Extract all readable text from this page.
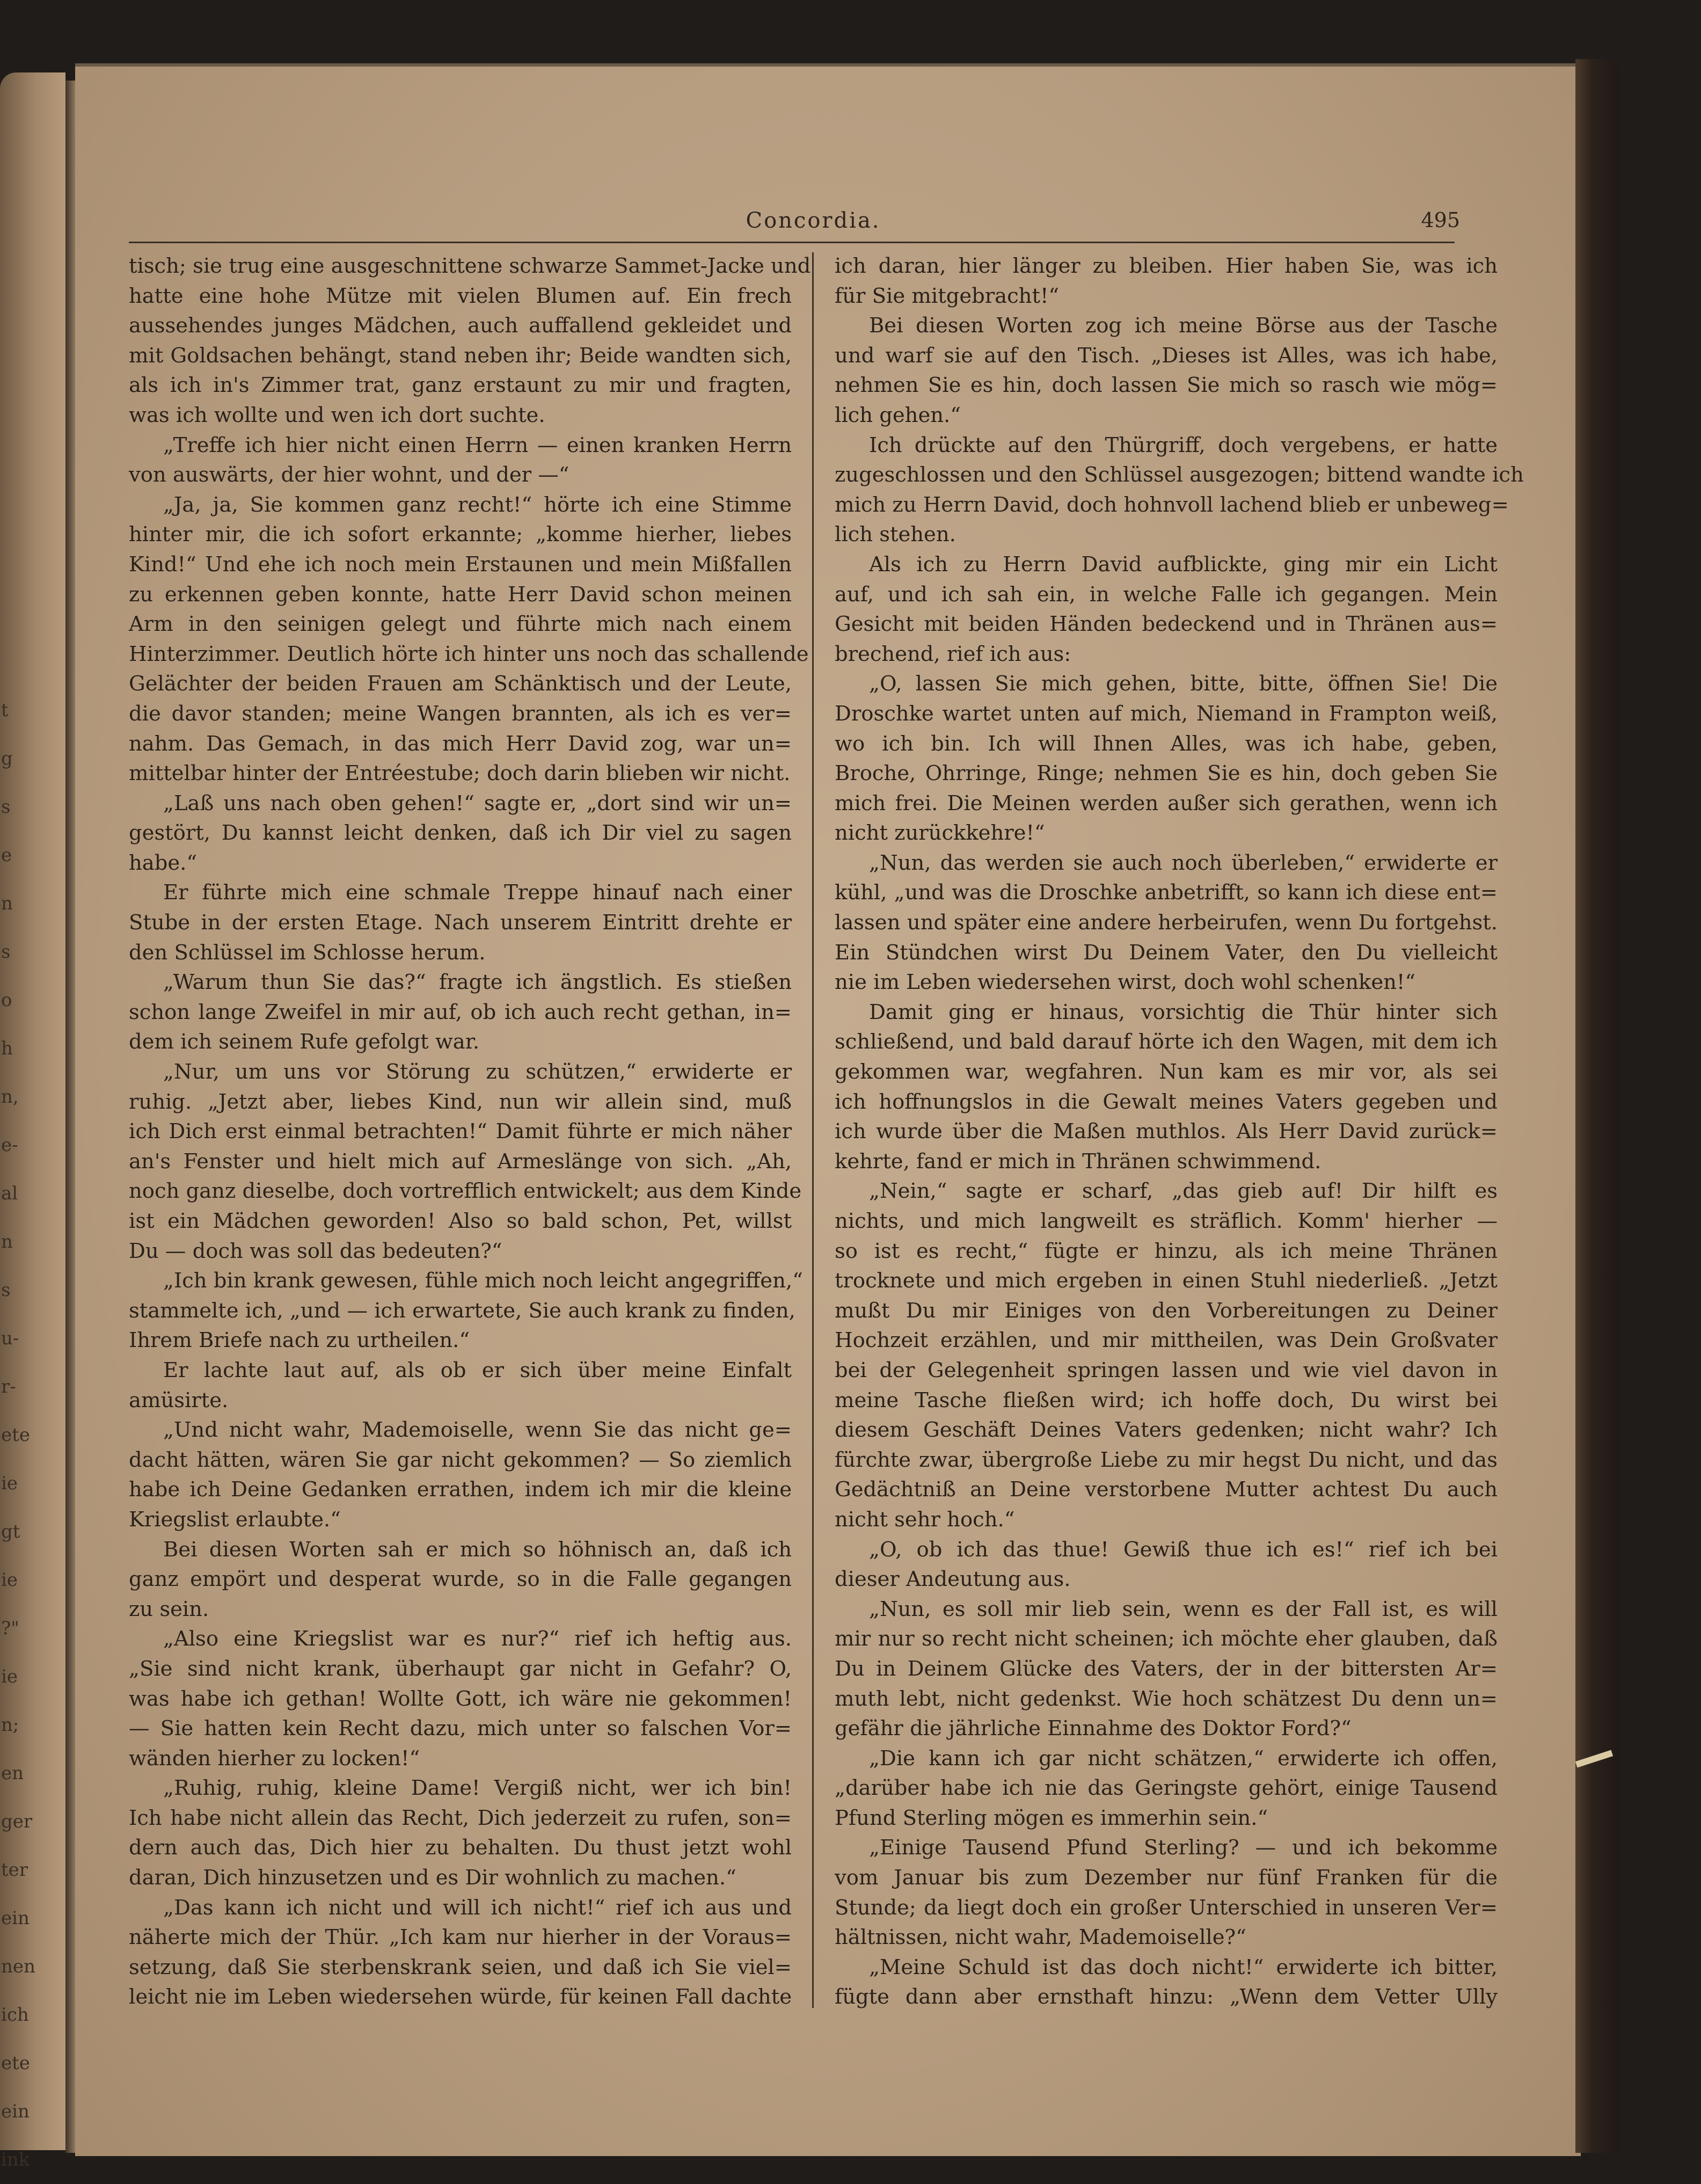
t
g
s
e
n
s
o
h
n,
e-
al
n
s
u-
r-
ete
ie
gt
ie
?"
ie
n;
en
ger
ter
ein
nen
ich
ete
ein
ink
Concordia.	495
tisch; sie trug eine ausgeschnittene schwarze Sammet-Jacke und
hatte eine hohe Mütze mit vielen Blumen auf. Ein frech
aussehendes junges Mädchen, auch auffallend gekleidet und
mit Goldsachen behängt, stand neben ihr; Beide wandten sich,
als ich in's Zimmer trat, ganz erstaunt zu mir und fragten,
was ich wollte und wen ich dort suchte.
„Treffe ich hier nicht einen Herrn — einen kranken Herrn
von auswärts, der hier wohnt, und der —“
„Ja, ja, Sie kommen ganz recht!“ hörte ich eine Stimme
hinter mir, die ich sofort erkannte; „komme hierher, liebes
Kind!“ Und ehe ich noch mein Erstaunen und mein Mißfallen
zu erkennen geben konnte, hatte Herr David schon meinen
Arm in den seinigen gelegt und führte mich nach einem
Hinterzimmer. Deutlich hörte ich hinter uns noch das schallende
Gelächter der beiden Frauen am Schänktisch und der Leute,
die davor standen; meine Wangen brannten, als ich es ver=
nahm. Das Gemach, in das mich Herr David zog, war un=
mittelbar hinter der Entréestube; doch darin blieben wir nicht.
„Laß uns nach oben gehen!“ sagte er, „dort sind wir un=
gestört, Du kannst leicht denken, daß ich Dir viel zu sagen
habe.“
Er führte mich eine schmale Treppe hinauf nach einer
Stube in der ersten Etage. Nach unserem Eintritt drehte er
den Schlüssel im Schlosse herum.
„Warum thun Sie das?“ fragte ich ängstlich. Es stießen
schon lange Zweifel in mir auf, ob ich auch recht gethan, in=
dem ich seinem Rufe gefolgt war.
„Nur, um uns vor Störung zu schützen,“ erwiderte er
ruhig. „Jetzt aber, liebes Kind, nun wir allein sind, muß
ich Dich erst einmal betrachten!“ Damit führte er mich näher
an's Fenster und hielt mich auf Armeslänge von sich. „Ah,
noch ganz dieselbe, doch vortrefflich entwickelt; aus dem Kinde
ist ein Mädchen geworden! Also so bald schon, Pet, willst
Du — doch was soll das bedeuten?“
„Ich bin krank gewesen, fühle mich noch leicht angegriffen,“
stammelte ich, „und — ich erwartete, Sie auch krank zu finden,
Ihrem Briefe nach zu urtheilen.“
Er lachte laut auf, als ob er sich über meine Einfalt
amüsirte.
„Und nicht wahr, Mademoiselle, wenn Sie das nicht ge=
dacht hätten, wären Sie gar nicht gekommen? — So ziemlich
habe ich Deine Gedanken errathen, indem ich mir die kleine
Kriegslist erlaubte.“
Bei diesen Worten sah er mich so höhnisch an, daß ich
ganz empört und desperat wurde, so in die Falle gegangen
zu sein.
„Also eine Kriegslist war es nur?“ rief ich heftig aus.
„Sie sind nicht krank, überhaupt gar nicht in Gefahr? O,
was habe ich gethan! Wollte Gott, ich wäre nie gekommen!
— Sie hatten kein Recht dazu, mich unter so falschen Vor=
wänden hierher zu locken!“
„Ruhig, ruhig, kleine Dame! Vergiß nicht, wer ich bin!
Ich habe nicht allein das Recht, Dich jederzeit zu rufen, son=
dern auch das, Dich hier zu behalten. Du thust jetzt wohl
daran, Dich hinzusetzen und es Dir wohnlich zu machen.“
„Das kann ich nicht und will ich nicht!“ rief ich aus und
näherte mich der Thür. „Ich kam nur hierher in der Voraus=
setzung, daß Sie sterbenskrank seien, und daß ich Sie viel=
leicht nie im Leben wiedersehen würde, für keinen Fall dachte
ich daran, hier länger zu bleiben. Hier haben Sie, was ich
für Sie mitgebracht!“
Bei diesen Worten zog ich meine Börse aus der Tasche
und warf sie auf den Tisch. „Dieses ist Alles, was ich habe,
nehmen Sie es hin, doch lassen Sie mich so rasch wie mög=
lich gehen.“
Ich drückte auf den Thürgriff, doch vergebens, er hatte
zugeschlossen und den Schlüssel ausgezogen; bittend wandte ich
mich zu Herrn David, doch hohnvoll lachend blieb er unbeweg=
lich stehen.
Als ich zu Herrn David aufblickte, ging mir ein Licht
auf, und ich sah ein, in welche Falle ich gegangen. Mein
Gesicht mit beiden Händen bedeckend und in Thränen aus=
brechend, rief ich aus:
„O, lassen Sie mich gehen, bitte, bitte, öffnen Sie! Die
Droschke wartet unten auf mich, Niemand in Frampton weiß,
wo ich bin. Ich will Ihnen Alles, was ich habe, geben,
Broche, Ohrringe, Ringe; nehmen Sie es hin, doch geben Sie
mich frei. Die Meinen werden außer sich gerathen, wenn ich
nicht zurückkehre!“
„Nun, das werden sie auch noch überleben,“ erwiderte er
kühl, „und was die Droschke anbetrifft, so kann ich diese ent=
lassen und später eine andere herbeirufen, wenn Du fortgehst.
Ein Stündchen wirst Du Deinem Vater, den Du vielleicht
nie im Leben wiedersehen wirst, doch wohl schenken!“
Damit ging er hinaus, vorsichtig die Thür hinter sich
schließend, und bald darauf hörte ich den Wagen, mit dem ich
gekommen war, wegfahren. Nun kam es mir vor, als sei
ich hoffnungslos in die Gewalt meines Vaters gegeben und
ich wurde über die Maßen muthlos. Als Herr David zurück=
kehrte, fand er mich in Thränen schwimmend.
„Nein,“ sagte er scharf, „das gieb auf! Dir hilft es
nichts, und mich langweilt es sträflich. Komm' hierher —
so ist es recht,“ fügte er hinzu, als ich meine Thränen
trocknete und mich ergeben in einen Stuhl niederließ. „Jetzt
mußt Du mir Einiges von den Vorbereitungen zu Deiner
Hochzeit erzählen, und mir mittheilen, was Dein Großvater
bei der Gelegenheit springen lassen und wie viel davon in
meine Tasche fließen wird; ich hoffe doch, Du wirst bei
diesem Geschäft Deines Vaters gedenken; nicht wahr? Ich
fürchte zwar, übergroße Liebe zu mir hegst Du nicht, und das
Gedächtniß an Deine verstorbene Mutter achtest Du auch
nicht sehr hoch.“
„O, ob ich das thue! Gewiß thue ich es!“ rief ich bei
dieser Andeutung aus.
„Nun, es soll mir lieb sein, wenn es der Fall ist, es will
mir nur so recht nicht scheinen; ich möchte eher glauben, daß
Du in Deinem Glücke des Vaters, der in der bittersten Ar=
muth lebt, nicht gedenkst. Wie hoch schätzest Du denn un=
gefähr die jährliche Einnahme des Doktor Ford?“
„Die kann ich gar nicht schätzen,“ erwiderte ich offen,
„darüber habe ich nie das Geringste gehört, einige Tausend
Pfund Sterling mögen es immerhin sein.“
„Einige Tausend Pfund Sterling? — und ich bekomme
vom Januar bis zum Dezember nur fünf Franken für die
Stunde; da liegt doch ein großer Unterschied in unseren Ver=
hältnissen, nicht wahr, Mademoiselle?“
„Meine Schuld ist das doch nicht!“ erwiderte ich bitter,
fügte dann aber ernsthaft hinzu: „Wenn dem Vetter Ully
